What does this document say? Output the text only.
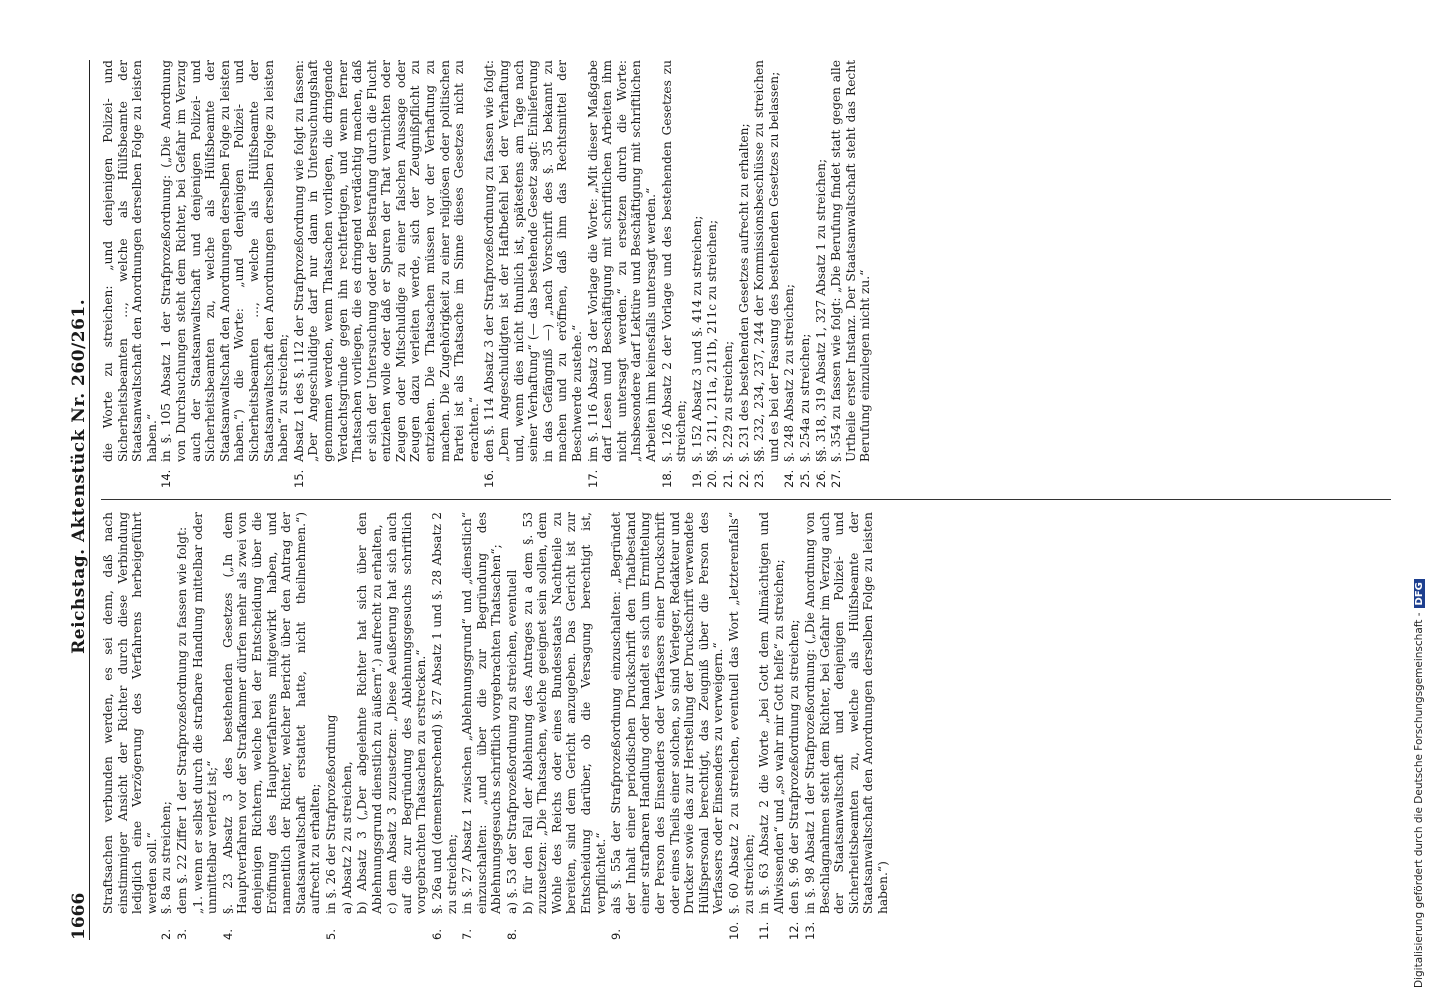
1666
Reichstag. Aktenstück Nr. 260/261.
Straftsachen verbunden werden, es sei denn, daß nach einstimmiger Ansicht der Richter durch diese Verbindung lediglich eine Verzögerung des Verfahrens herbeigeführt werden soll.“
2.
§. 8a zu streichen;
3.
dem §. 22 Ziffer 1 der Strafprozeßordnung zu fassen wie folgt: „1. wenn er selbst durch die strafbare Handlung mittelbar oder unmittelbar verletzt ist;“
4.
§. 23 Absatz 3 des bestehenden Gesetzes („In dem Hauptverfahren vor der Strafkammer dürfen mehr als zwei von denjenigen Richtern, welche bei der Entscheidung über die Eröffnung des Hauptverfahrens mitgewirkt haben, und namentlich der Richter, welcher Bericht über den Antrag der Staatsanwaltschaft erstattet hatte, nicht theilnehmen.“) aufrecht zu erhalten;
5.
in §. 26 der Strafprozeßordnung a) Absatz 2 zu streichen, b) Absatz 3 („Der abgelehnte Richter hat sich über den Ablehnungsgrund dienstlich zu äußern“.) aufrecht zu erhalten, c) dem Absatz 3 zuzusetzen: „Diese Aeußerung hat sich auch auf die zur Begründung des Ablehnungsgesuchs schriftlich vorgebrachten Thatsachen zu erstrecken.“
6.
§. 26a und (dementsprechend) §. 27 Absatz 1 und §. 28 Absatz 2 zu streichen;
7.
in §. 27 Absatz 1 zwischen „Ablehnungsgrund“ und „dienstlich“ einzuschalten: „und über die zur Begründung des Ablehnungsgesuchs schriftlich vorgebrachten Thatsachen“;
8.
a) §. 53 der Strafprozeßordnung zu streichen, eventuell b) für den Fall der Ablehnung des Antrages zu a dem §. 53 zuzusetzen: „Die Thatsachen, welche geeignet sein sollen, dem Wohle des Reichs oder eines Bundesstaats Nachtheile zu bereiten, sind dem Gericht anzugeben. Das Gericht ist zur Entscheidung darüber, ob die Versagung berechtigt ist, verpflichtet.“
9.
als §. 55a der Strafprozeßordnung einzuschalten: „Begründet der Inhalt einer periodischen Druckschrift den Thatbestand einer strafbaren Handlung oder handelt es sich um Ermittelung der Person des Einsenders oder Verfassers einer Druckschrift oder eines Theils einer solchen, so sind Verleger, Redakteur und Drucker sowie das zur Herstellung der Druckschrift verwendete Hülfspersonal berechtigt, das Zeugniß über die Person des Verfassers oder Einsenders zu verweigern.“
10.
§. 60 Absatz 2 zu streichen, eventuell das Wort „letzterenfalls“ zu streichen;
11.
in §. 63 Absatz 2 die Worte „bei Gott dem Allmächtigen und Allwissenden“ und „so wahr mir Gott helfe“ zu streichen;
12.
den §. 96 der Strafprozeßordnung zu streichen;
13.
in §. 98 Absatz 1 der Strafprozeßordnung: („Die Anordnung von Beschlagnahmen steht dem Richter, bei Gefahr im Verzug auch der Staatsanwaltschaft und denjenigen Polizei- und Sicherheitsbeamten zu, welche als Hülfsbeamte der Staatsanwaltschaft den Anordnungen derselben Folge zu leisten haben.“)
die Worte zu streichen: „und denjenigen Polizei- und Sicherheitsbeamten ..., welche als Hülfsbeamte der Staatsanwaltschaft den Anordnungen derselben Folge zu leisten haben.“
14.
in §. 105 Absatz 1 der Strafprozeßordnung: („Die Anordnung von Durchsuchungen steht dem Richter, bei Gefahr im Verzug auch der Staatsanwaltschaft und denjenigen Polizei- und Sicherheitsbeamten zu, welche als Hülfsbeamte der Staatsanwaltschaft den Anordnungen derselben Folge zu leisten haben.“) die Worte: „und denjenigen Polizei- und Sicherheitsbeamten ..., welche als Hülfsbeamte der Staatsanwaltschaft den Anordnungen derselben Folge zu leisten haben“ zu streichen;
15.
Absatz 1 des §. 112 der Strafprozeßordnung wie folgt zu fassen: „Der Angeschuldigte darf nur dann in Untersuchungshaft genommen werden, wenn Thatsachen vorliegen, die dringende Verdachtsgründe gegen ihn rechtfertigen, und wenn ferner Thatsachen vorliegen, die es dringend verdächtig machen, daß er sich der Untersuchung oder der Bestrafung durch die Flucht entziehen wolle oder daß er Spuren der That vernichten oder Zeugen oder Mitschuldige zu einer falschen Aussage oder Zeugen dazu verleiten werde, sich der Zeugnißpflicht zu entziehen. Die Thatsachen müssen vor der Verhaftung zu machen. Die Zugehörigkeit zu einer religiösen oder politischen Partei ist als Thatsache im Sinne dieses Gesetzes nicht zu erachten.“
16.
den §. 114 Absatz 3 der Strafprozeßordnung zu fassen wie folgt: „Dem Angeschuldigten ist der Haftbefehl bei der Verhaftung und, wenn dies nicht thunlich ist, spätestens am Tage nach seiner Verhaftung“ (— das bestehende Gesetz sagt: Einlieferung in das Gefängniß —) „nach Vorschrift des §. 35 bekannt zu machen und zu eröffnen, daß ihm das Rechtsmittel der Beschwerde zustehe.“
17.
im §. 116 Absatz 3 der Vorlage die Worte: „Mit dieser Maßgabe darf Lesen und Beschäftigung mit schriftlichen Arbeiten ihm nicht untersagt werden.“ zu ersetzen durch die Worte: „Insbesondere darf Lektüre und Beschäftigung mit schriftlichen Arbeiten ihm keinesfalls untersagt werden.“
18.
§. 126 Absatz 2 der Vorlage und des bestehenden Gesetzes zu streichen;
19.
§. 152 Absatz 3 und §. 414 zu streichen;
20.
§§. 211, 211a, 211b, 211c zu streichen;
21.
§. 229 zu streichen;
22.
§. 231 des bestehenden Gesetzes aufrecht zu erhalten;
23.
§§. 232, 234, 237, 244 der Kommissionsbeschlüsse zu streichen und es bei der Fassung des bestehenden Gesetzes zu belassen;
24.
§. 248 Absatz 2 zu streichen;
25.
§. 254a zu streichen;
26.
§§. 318, 319 Absatz 1, 327 Absatz 1 zu streichen;
27.
§. 354 zu fassen wie folgt: „Die Berufung findet statt gegen alle Urtheile erster Instanz. Der Staatsanwaltschaft steht das Recht Berufung einzulegen nicht zu.“
Digitalisierung gefördert durch die Deutsche Forschungsgemeinschaft -DFG
